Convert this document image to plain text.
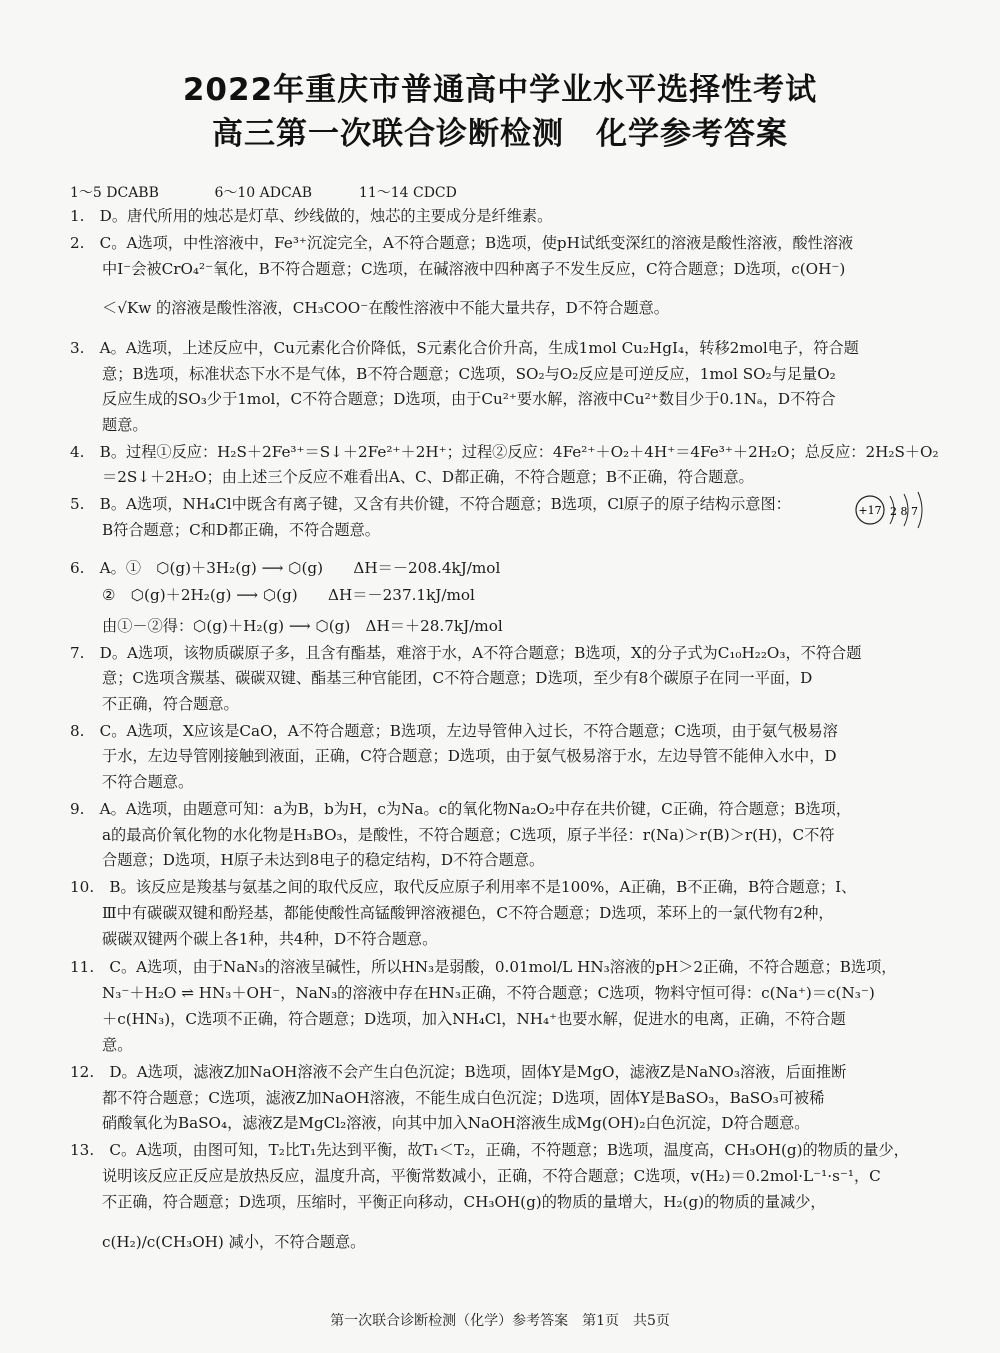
2022年重庆市普通高中学业水平选择性考试
高三第一次联合诊断检测　化学参考答案
1～5 DCABB	6～10 ADCAB	11～14 CDCD
1.　D。唐代所用的烛芯是灯草、纱线做的，烛芯的主要成分是纤维素。
2.　C。A选项，中性溶液中，Fe³⁺沉淀完全，A不符合题意；B选项，使pH试纸变深红的溶液是酸性溶液，酸性溶液
中I⁻会被CrO₄²⁻氧化，B不符合题意；C选项，在碱溶液中四种离子不发生反应，C符合题意；D选项，c(OH⁻)
＜√Kw 的溶液是酸性溶液，CH₃COO⁻在酸性溶液中不能大量共存，D不符合题意。
3.　A。A选项，上述反应中，Cu元素化合价降低，S元素化合价升高，生成1mol Cu₂HgI₄，转移2mol电子，符合题
意；B选项，标准状态下水不是气体，B不符合题意；C选项，SO₂与O₂反应是可逆反应，1mol SO₂与足量O₂
反应生成的SO₃少于1mol，C不符合题意；D选项，由于Cu²⁺要水解，溶液中Cu²⁺数目少于0.1Nₐ，D不符合
题意。
4.　B。过程①反应：H₂S＋2Fe³⁺＝S↓＋2Fe²⁺＋2H⁺；过程②反应：4Fe²⁺＋O₂＋4H⁺＝4Fe³⁺＋2H₂O；总反应：2H₂S＋O₂
＝2S↓＋2H₂O；由上述三个反应不难看出A、C、D都正确，不符合题意；B不正确，符合题意。
5.　B。A选项，NH₄Cl中既含有离子键，又含有共价键，不符合题意；B选项，Cl原子的原子结构示意图：
B符合题意；C和D都正确，不符合题意。
+17 2 8 7
6.　A。①　⬡(g)＋3H₂(g) ⟶ ⬡(g)　　ΔH＝－208.4kJ/mol
②　⬡(g)＋2H₂(g) ⟶ ⬡(g)　　ΔH＝－237.1kJ/mol
由①－②得：⬡(g)＋H₂(g) ⟶ ⬡(g)　ΔH＝＋28.7kJ/mol
7.　D。A选项，该物质碳原子多，且含有酯基，难溶于水，A不符合题意；B选项，X的分子式为C₁₀H₂₂O₃，不符合题
意；C选项含羰基、碳碳双键、酯基三种官能团，C不符合题意；D选项，至少有8个碳原子在同一平面，D
不正确，符合题意。
8.　C。A选项，X应该是CaO，A不符合题意；B选项，左边导管伸入过长，不符合题意；C选项，由于氨气极易溶
于水，左边导管刚接触到液面，正确，C符合题意；D选项，由于氨气极易溶于水，左边导管不能伸入水中，D
不符合题意。
9.　A。A选项，由题意可知：a为B，b为H，c为Na。c的氧化物Na₂O₂中存在共价键，C正确，符合题意；B选项，
a的最高价氧化物的水化物是H₃BO₃，是酸性，不符合题意；C选项，原子半径：r(Na)＞r(B)＞r(H)，C不符
合题意；D选项，H原子未达到8电子的稳定结构，D不符合题意。
10.　B。该反应是羧基与氨基之间的取代反应，取代反应原子利用率不是100%，A正确，B不正确，B符合题意；Ⅰ、
Ⅲ中有碳碳双键和酚羟基，都能使酸性高锰酸钾溶液褪色，C不符合题意；D选项，苯环上的一氯代物有2种，
碳碳双键两个碳上各1种，共4种，D不符合题意。
11.　C。A选项，由于NaN₃的溶液呈碱性，所以HN₃是弱酸，0.01mol/L HN₃溶液的pH＞2正确，不符合题意；B选项，
N₃⁻＋H₂O ⇌ HN₃＋OH⁻，NaN₃的溶液中存在HN₃正确，不符合题意；C选项，物料守恒可得：c(Na⁺)＝c(N₃⁻)
＋c(HN₃)，C选项不正确，符合题意；D选项，加入NH₄Cl，NH₄⁺也要水解，促进水的电离，正确，不符合题
意。
12.　D。A选项，滤液Z加NaOH溶液不会产生白色沉淀；B选项，固体Y是MgO，滤液Z是NaNO₃溶液，后面推断
都不符合题意；C选项，滤液Z加NaOH溶液，不能生成白色沉淀；D选项，固体Y是BaSO₃，BaSO₃可被稀
硝酸氧化为BaSO₄，滤液Z是MgCl₂溶液，向其中加入NaOH溶液生成Mg(OH)₂白色沉淀，D符合题意。
13.　C。A选项，由图可知，T₂比T₁先达到平衡，故T₁＜T₂，正确，不符题意；B选项，温度高，CH₃OH(g)的物质的量少，
说明该反应正反应是放热反应，温度升高，平衡常数减小，正确，不符合题意；C选项，v(H₂)＝0.2mol·L⁻¹·s⁻¹，C
不正确，符合题意；D选项，压缩时，平衡正向移动，CH₃OH(g)的物质的量增大，H₂(g)的物质的量减少，
c(H₂)/c(CH₃OH) 减小，不符合题意。
第一次联合诊断检测（化学）参考答案　第1页　共5页
